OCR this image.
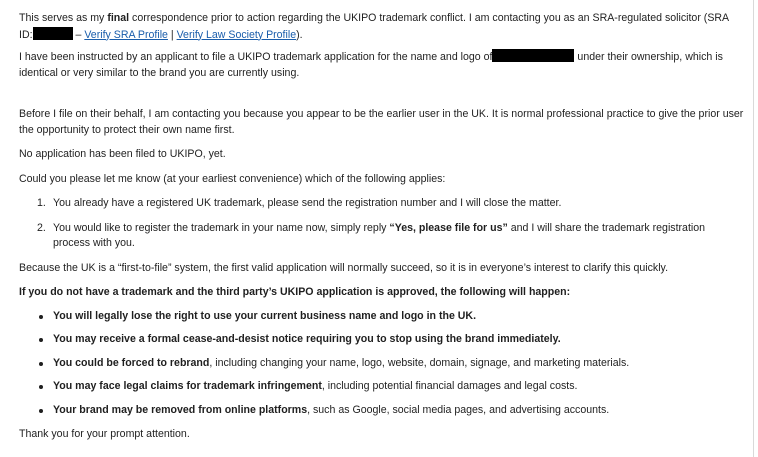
This serves as my final correspondence prior to action regarding the UKIPO trademark conflict. I am contacting you as an SRA-regulated solicitor (SRA ID:	– Verify SRA Profile | Verify Law Society Profile).

I have been instructed by an applicant to file a UKIPO trademark application for the name and logo of	under their ownership, which is identical or very similar to the brand you are currently using.

Before I file on their behalf, I am contacting you because you appear to be the earlier user in the UK. It is normal professional practice to give the prior user the opportunity to protect their own name first.

No application has been filed to UKIPO, yet.

Could you please let me know (at your earliest convenience) which of the following applies:

1. You already have a registered UK trademark, please send the registration number and I will close the matter.
2. You would like to register the trademark in your name now, simply reply “Yes, please file for us” and I will share the trademark registration process with you.

Because the UK is a “first-to-file” system, the first valid application will normally succeed, so it is in everyone’s interest to clarify this quickly.

If you do not have a trademark and the third party’s UKIPO application is approved, the following will happen:

You will legally lose the right to use your current business name and logo in the UK.
You may receive a formal cease-and-desist notice requiring you to stop using the brand immediately.
You could be forced to rebrand, including changing your name, logo, website, domain, signage, and marketing materials.
You may face legal claims for trademark infringement, including potential financial damages and legal costs.
Your brand may be removed from online platforms, such as Google, social media pages, and advertising accounts.

Thank you for your prompt attention.
